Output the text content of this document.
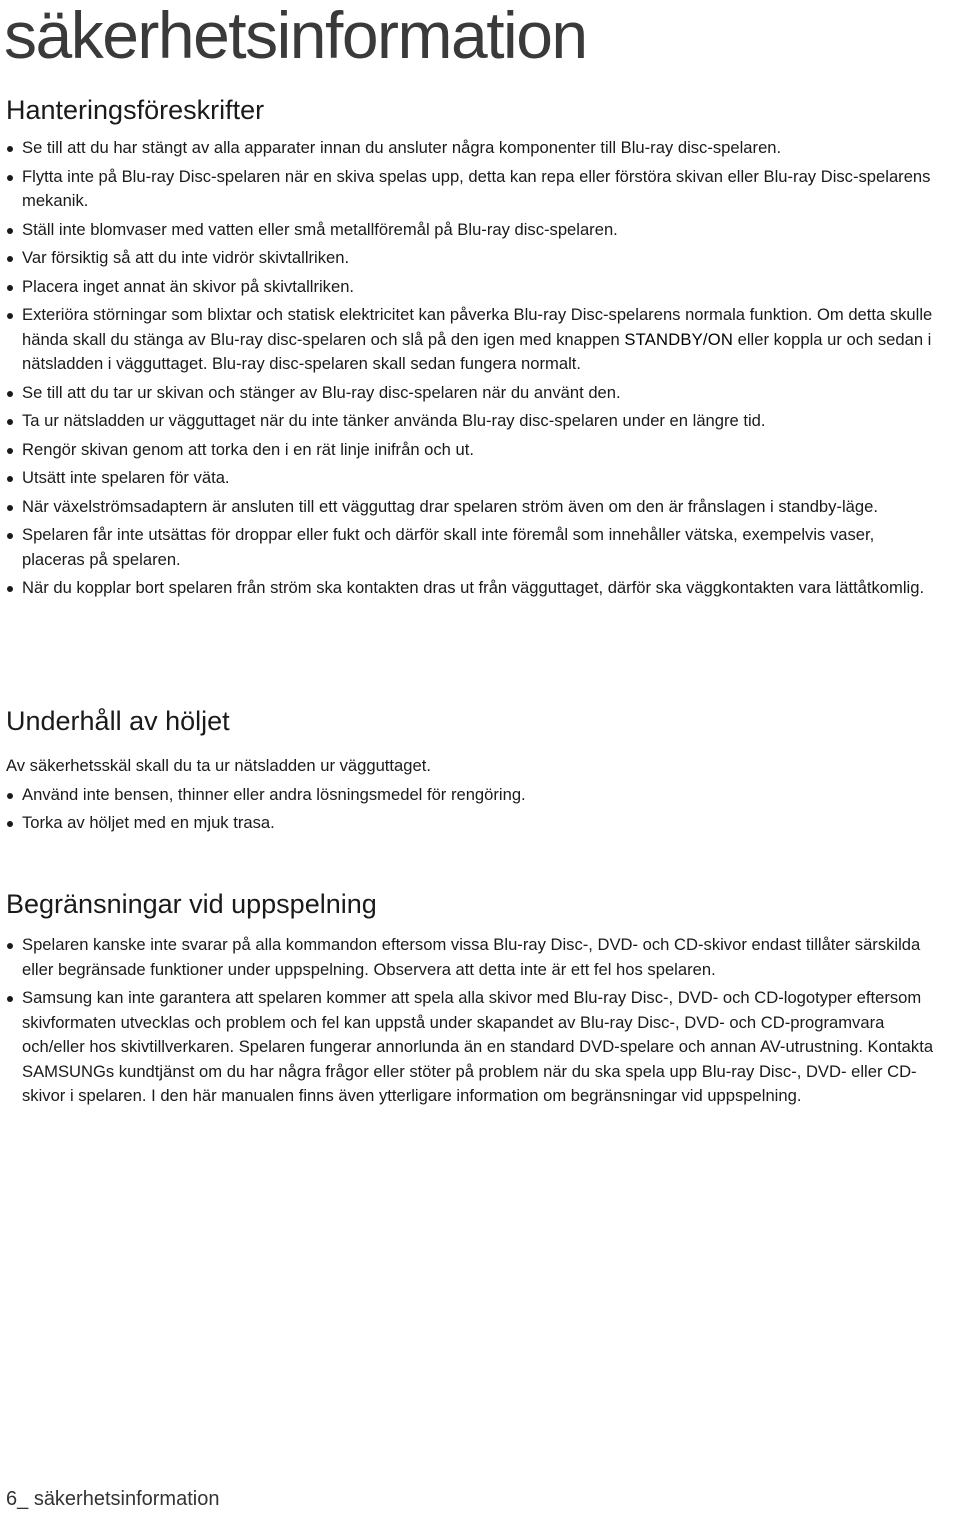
säkerhetsinformation
Hanteringsföreskrifter
Se till att du har stängt av alla apparater innan du ansluter några komponenter till Blu-ray disc-spelaren.
Flytta inte på Blu-ray Disc-spelaren när en skiva spelas upp, detta kan repa eller förstöra skivan eller Blu-ray Disc-spelarens mekanik.
Ställ inte blomvaser med vatten eller små metallföremål på Blu-ray disc-spelaren.
Var försiktig så att du inte vidrör skivtallriken.
Placera inget annat än skivor på skivtallriken.
Exteriöra störningar som blixtar och statisk elektricitet kan påverka Blu-ray Disc-spelarens normala funktion. Om detta skulle hända skall du stänga av Blu-ray disc-spelaren och slå på den igen med knappen STANDBY/ON eller koppla ur och sedan i nätsladden i vägguttaget. Blu-ray disc-spelaren skall sedan fungera normalt.
Se till att du tar ur skivan och stänger av Blu-ray disc-spelaren när du använt den.
Ta ur nätsladden ur vägguttaget när du inte tänker använda Blu-ray disc-spelaren under en längre tid.
Rengör skivan genom att torka den i en rät linje inifrån och ut.
Utsätt inte spelaren för väta.
När växelströmsadaptern är ansluten till ett vägguttag drar spelaren ström även om den är frånslagen i standby-läge.
Spelaren får inte utsättas för droppar eller fukt och därför skall inte föremål som innehåller vätska, exempelvis vaser, placeras på spelaren.
När du kopplar bort spelaren från ström ska kontakten dras ut från vägguttaget, därför ska väggkontakten vara lättåtkomlig.
Underhåll av höljet

Av säkerhetsskäl skall du ta ur nätsladden ur vägguttaget.

Använd inte bensen, thinner eller andra lösningsmedel för rengöring.
Torka av höljet med en mjuk trasa.
Begränsningar vid uppspelning
Spelaren kanske inte svarar på alla kommandon eftersom vissa Blu-ray Disc-, DVD- och CD-skivor endast tillåter särskilda eller begränsade funktioner under uppspelning. Observera att detta inte är ett fel hos spelaren.
Samsung kan inte garantera att spelaren kommer att spela alla skivor med Blu-ray Disc-, DVD- och CD-logotyper eftersom skivformaten utvecklas och problem och fel kan uppstå under skapandet av Blu-ray Disc-, DVD- och CD-programvara och/eller hos skivtillverkaren. Spelaren fungerar annorlunda än en standard DVD-spelare och annan AV-utrustning. Kontakta SAMSUNGs kundtjänst om du har några frågor eller stöter på problem när du ska spela upp Blu-ray Disc-, DVD- eller CD-skivor i spelaren. I den här manualen finns även ytterligare information om begränsningar vid uppspelning.
6_ säkerhetsinformation
